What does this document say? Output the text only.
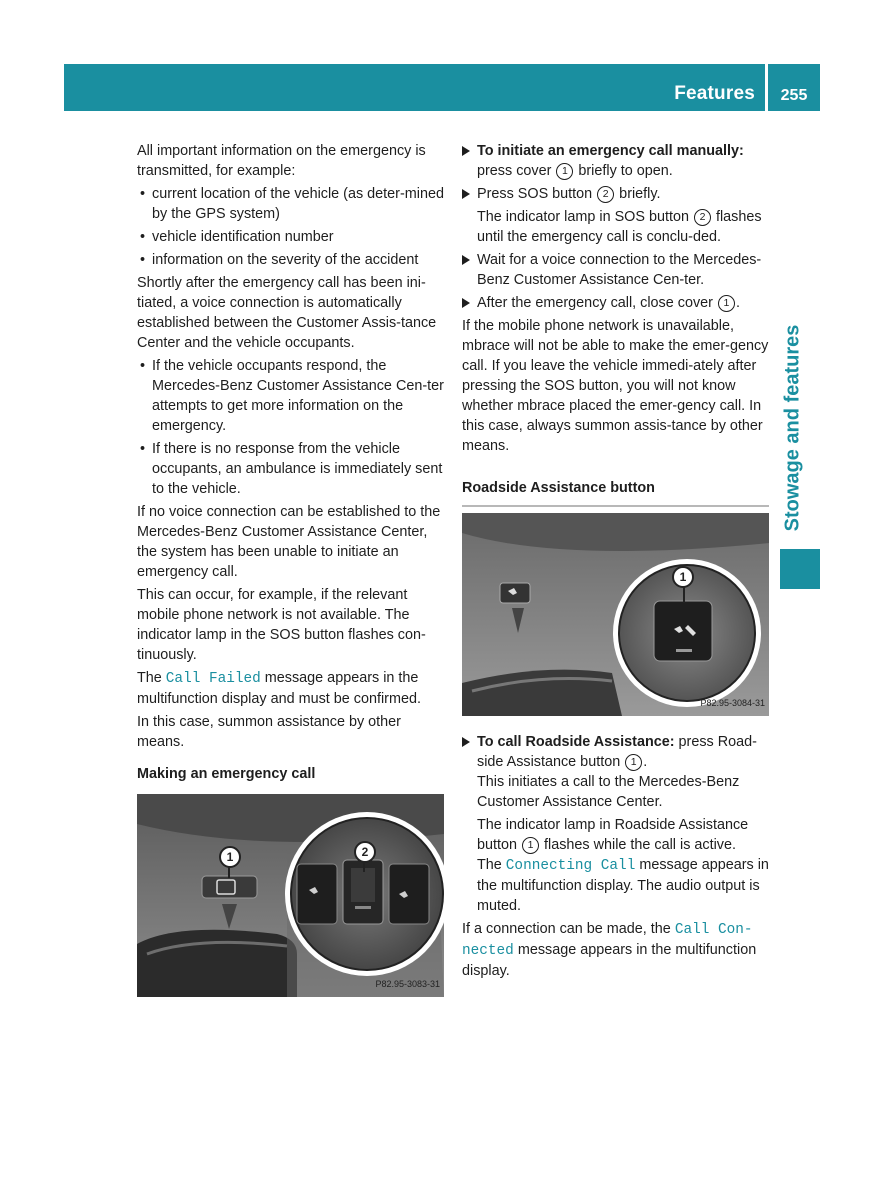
Features	255
Stowage and features

All important information on the emergency is transmitted, for example:

• current location of the vehicle (as deter-mined by the GPS system)
• vehicle identification number
• information on the severity of the accident

Shortly after the emergency call has been ini-tiated, a voice connection is automatically established between the Customer Assis-tance Center and the vehicle occupants.

• If the vehicle occupants respond, the Mercedes-Benz Customer Assistance Cen-ter attempts to get more information on the emergency.
• If there is no response from the vehicle occupants, an ambulance is immediately sent to the vehicle.

If no voice connection can be established to the Mercedes-Benz Customer Assistance Center, the system has been unable to initiate an emergency call.

This can occur, for example, if the relevant mobile phone network is not available. The indicator lamp in the SOS button flashes con-tinuously.

The Call Failed message appears in the multifunction display and must be confirmed.

In this case, summon assistance by other means.

Making an emergency call

1	2
P82.95-3083-31
To initiate an emergency call manually: press cover 1 briefly to open.
Press SOS button 2 briefly.
The indicator lamp in SOS button 2 flashes until the emergency call is conclu-ded.
Wait for a voice connection to the Mercedes-Benz Customer Assistance Cen-ter.
After the emergency call, close cover 1 .

If the mobile phone network is unavailable, mbrace will not be able to make the emer-gency call. If you leave the vehicle immedi-ately after pressing the SOS button, you will not know whether mbrace placed the emer-gency call. In this case, always summon assis-tance by other means.

Roadside Assistance button

1
P82.95-3084-31
To call Roadside Assistance: press Road-side Assistance button 1 .
This initiates a call to the Mercedes-Benz Customer Assistance Center.
The indicator lamp in Roadside Assistance button 1 flashes while the call is active.
The Connecting Call message appears in the multifunction display. The audio output is muted.

If a connection can be made, the Call Con-nected message appears in the multifunction display.
